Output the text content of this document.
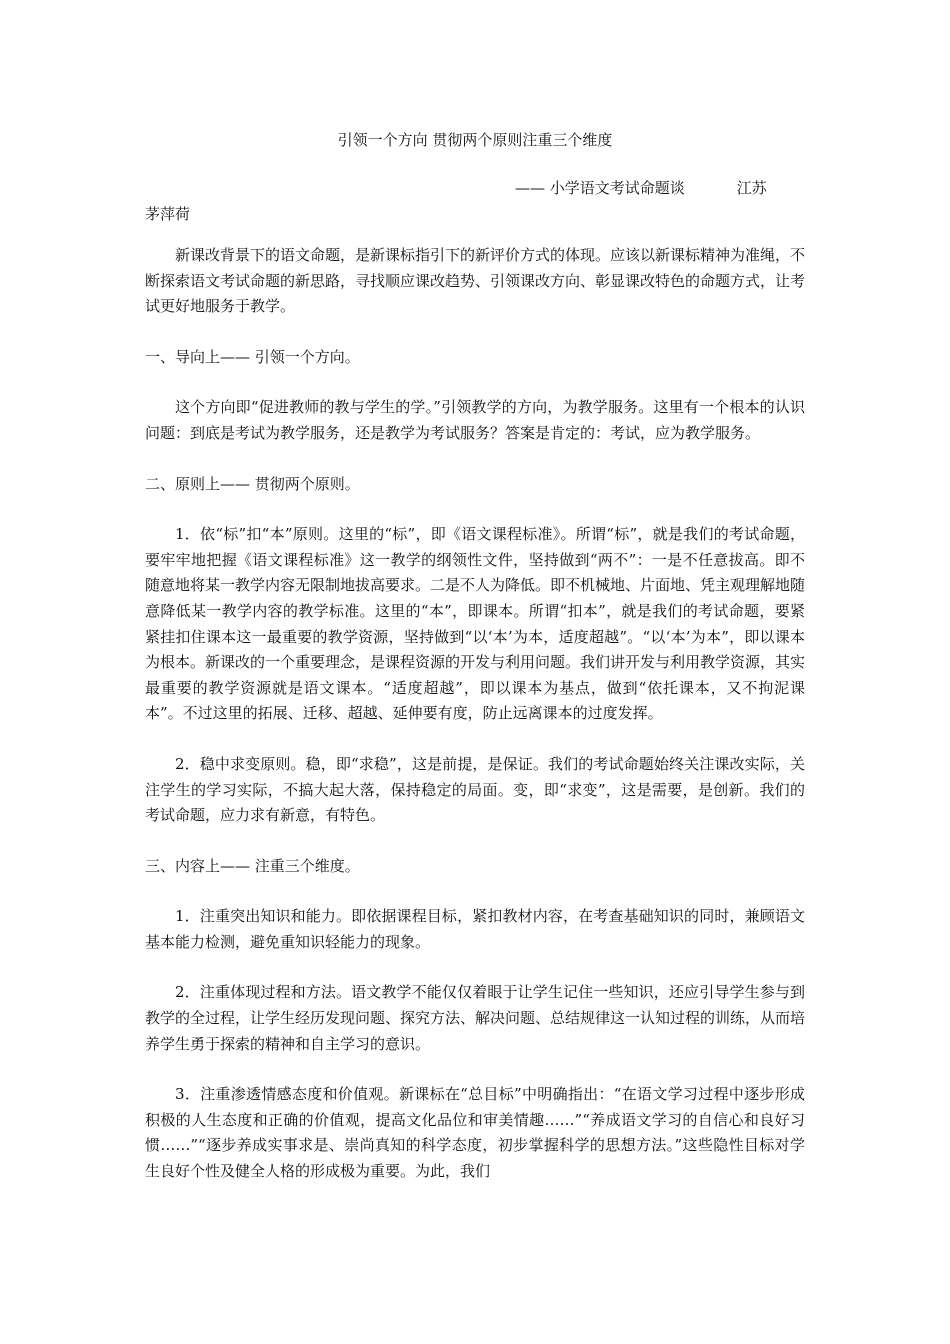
引领一个方向 贯彻两个原则注重三个维度
—— 小学语文考试命题谈	江苏
茅萍荷

新课改背景下的语文命题，是新课标指引下的新评价方式的体现。应该以新课标精神为准绳，不断探索语文考试命题的新思路，寻找顺应课改趋势、引领课改方向、彰显课改特色的命题方式，让考试更好地服务于教学。

一、导向上—— 引领一个方向。

这个方向即“促进教师的教与学生的学。”引领教学的方向，为教学服务。这里有一个根本的认识问题：到底是考试为教学服务，还是教学为考试服务？答案是肯定的：考试，应为教学服务。

二、原则上—— 贯彻两个原则。

1．依“标”扣“本”原则。这里的“标”，即《语文课程标准》。所谓“标”，就是我们的考试命题，要牢牢地把握《语文课程标准》这一教学的纲领性文件，坚持做到“两不”：一是不任意拔高。即不随意地将某一教学内容无限制地拔高要求。二是不人为降低。即不机械地、片面地、凭主观理解地随意降低某一教学内容的教学标准。这里的“本”，即课本。所谓“扣本”，就是我们的考试命题，要紧紧挂扣住课本这一最重要的教学资源，坚持做到“以‘本’为本，适度超越”。“以‘本’为本”，即以课本为根本。新课改的一个重要理念，是课程资源的开发与利用问题。我们讲开发与利用教学资源，其实最重要的教学资源就是语文课本。“适度超越”，即以课本为基点，做到“依托课本，又不拘泥课本”。不过这里的拓展、迁移、超越、延伸要有度，防止远离课本的过度发挥。

2．稳中求变原则。稳，即“求稳”，这是前提，是保证。我们的考试命题始终关注课改实际，关注学生的学习实际，不搞大起大落，保持稳定的局面。变，即“求变”，这是需要，是创新。我们的考试命题，应力求有新意，有特色。

三、内容上—— 注重三个维度。

1．注重突出知识和能力。即依据课程目标，紧扣教材内容，在考查基础知识的同时，兼顾语文基本能力检测，避免重知识轻能力的现象。

2．注重体现过程和方法。语文教学不能仅仅着眼于让学生记住一些知识，还应引导学生参与到教学的全过程，让学生经历发现问题、探究方法、解决问题、总结规律这一认知过程的训练，从而培养学生勇于探索的精神和自主学习的意识。

3．注重渗透情感态度和价值观。新课标在“总目标”中明确指出：“在语文学习过程中逐步形成积极的人生态度和正确的价值观，提高文化品位和审美情趣……”“养成语文学习的自信心和良好习惯……”“逐步养成实事求是、崇尚真知的科学态度，初步掌握科学的思想方法。”这些隐性目标对学生良好个性及健全人格的形成极为重要。为此，我们
